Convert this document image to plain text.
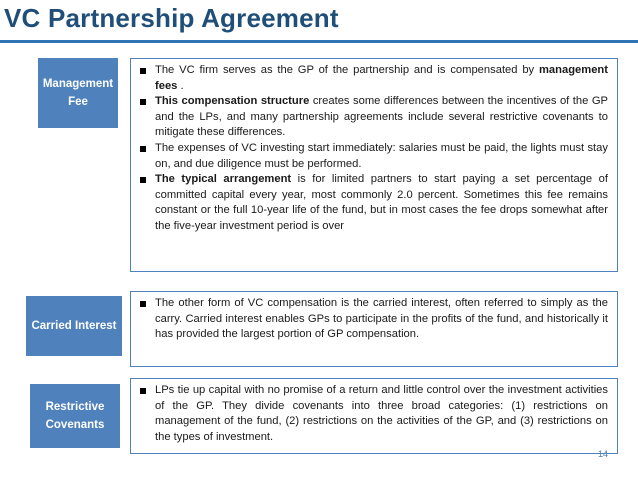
VC Partnership Agreement
Management
Fee
The VC firm serves as the GP of the partnership and is compensated by management fees .
This compensation structure creates some differences between the incentives of the GP and the LPs, and many partnership agreements include several restrictive covenants to mitigate these differences.
The expenses of VC investing start immediately: salaries must be paid, the lights must stay on, and due diligence must be performed.
The typical arrangement is for limited partners to start paying a set percentage of committed capital every year, most commonly 2.0 percent. Sometimes this fee remains constant or the full 10-year life of the fund, but in most cases the fee drops somewhat after the five-year investment period is over
Carried Interest
The other form of VC compensation is the carried interest, often referred to simply as the carry. Carried interest enables GPs to participate in the profits of the fund, and historically it has provided the largest portion of GP compensation.
Restrictive
Covenants
LPs tie up capital with no promise of a return and little control over the investment activities of the GP. They divide covenants into three broad categories: (1) restrictions on management of the fund, (2) restrictions on the activities of the GP, and (3) restrictions on the types of investment.
14
